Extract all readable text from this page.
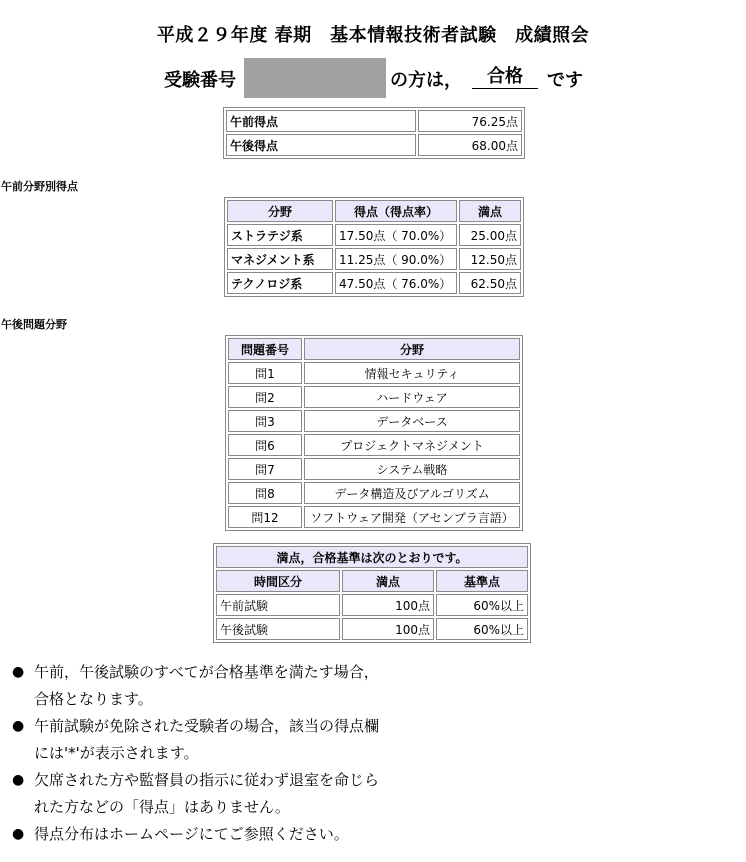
平成２９年度 春期　基本情報技術者試験　成績照会
受験番号	の方は，	合格	です
午前得点	76.25点
午後得点	68.00点
午前分野別得点
分野	得点（得点率）	満点
ストラテジ系	17.50点（ 70.0%）	25.00点
マネジメント系	11.25点（ 90.0%）	12.50点
テクノロジ系	47.50点（ 76.0%）	62.50点
午後問題分野
問題番号	分野
問1	情報セキュリティ
問2	ハードウェア
問3	データベース
問6	プロジェクトマネジメント
問7	システム戦略
問8	データ構造及びアルゴリズム
問12	ソフトウェア開発（アセンブラ言語）
満点，合格基準は次のとおりです。		
時間区分	満点	基準点
午前試験	100点	60%以上
午後試験	100点	60%以上
● 午前，午後試験のすべてが合格基準を満たす場合，
合格となります。
● 午前試験が免除された受験者の場合，該当の得点欄
には'*'が表示されます。
● 欠席された方や監督員の指示に従わず退室を命じら
れた方などの「得点」はありません。
● 得点分布はホームページにてご参照ください。
